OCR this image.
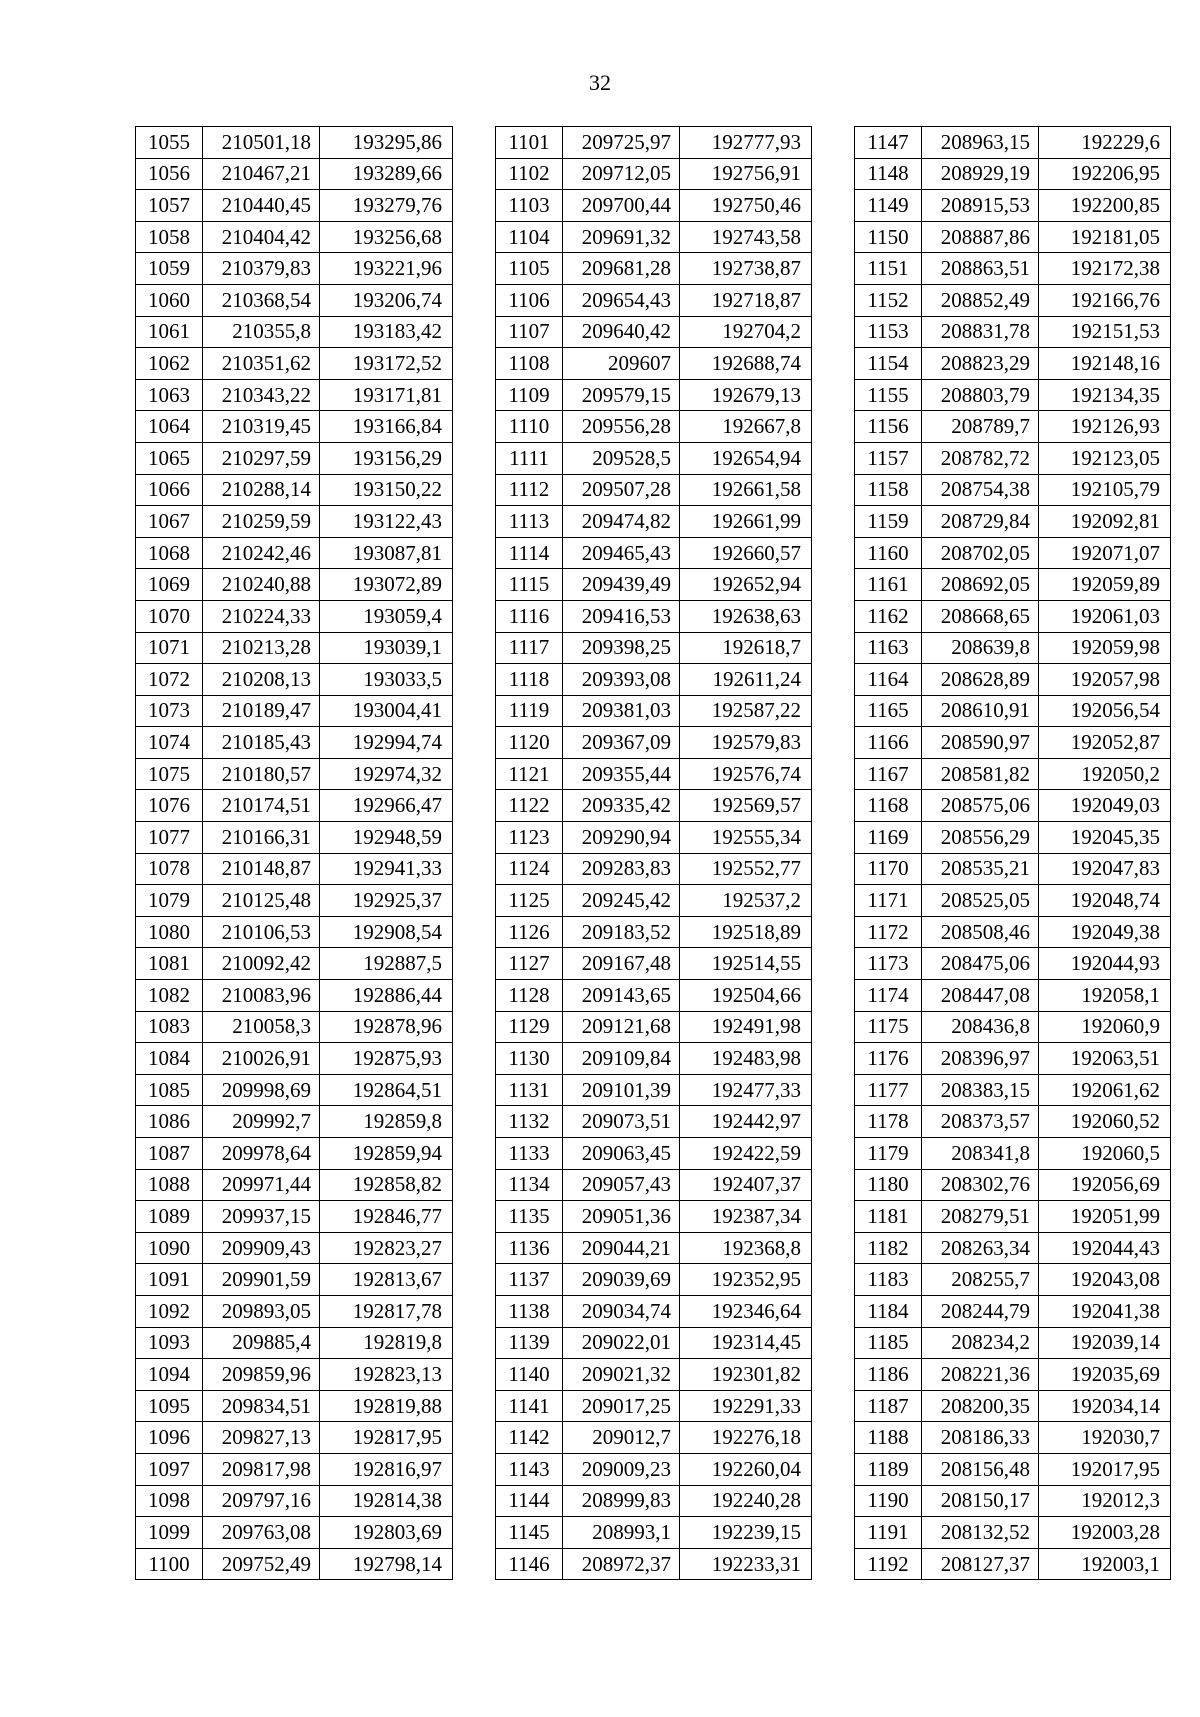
32
1055	210501,18	193295,86
1056	210467,21	193289,66
1057	210440,45	193279,76
1058	210404,42	193256,68
1059	210379,83	193221,96
1060	210368,54	193206,74
1061	210355,8	193183,42
1062	210351,62	193172,52
1063	210343,22	193171,81
1064	210319,45	193166,84
1065	210297,59	193156,29
1066	210288,14	193150,22
1067	210259,59	193122,43
1068	210242,46	193087,81
1069	210240,88	193072,89
1070	210224,33	193059,4
1071	210213,28	193039,1
1072	210208,13	193033,5
1073	210189,47	193004,41
1074	210185,43	192994,74
1075	210180,57	192974,32
1076	210174,51	192966,47
1077	210166,31	192948,59
1078	210148,87	192941,33
1079	210125,48	192925,37
1080	210106,53	192908,54
1081	210092,42	192887,5
1082	210083,96	192886,44
1083	210058,3	192878,96
1084	210026,91	192875,93
1085	209998,69	192864,51
1086	209992,7	192859,8
1087	209978,64	192859,94
1088	209971,44	192858,82
1089	209937,15	192846,77
1090	209909,43	192823,27
1091	209901,59	192813,67
1092	209893,05	192817,78
1093	209885,4	192819,8
1094	209859,96	192823,13
1095	209834,51	192819,88
1096	209827,13	192817,95
1097	209817,98	192816,97
1098	209797,16	192814,38
1099	209763,08	192803,69
1100	209752,49	192798,14
1101	209725,97	192777,93
1102	209712,05	192756,91
1103	209700,44	192750,46
1104	209691,32	192743,58
1105	209681,28	192738,87
1106	209654,43	192718,87
1107	209640,42	192704,2
1108	209607	192688,74
1109	209579,15	192679,13
1110	209556,28	192667,8
1111	209528,5	192654,94
1112	209507,28	192661,58
1113	209474,82	192661,99
1114	209465,43	192660,57
1115	209439,49	192652,94
1116	209416,53	192638,63
1117	209398,25	192618,7
1118	209393,08	192611,24
1119	209381,03	192587,22
1120	209367,09	192579,83
1121	209355,44	192576,74
1122	209335,42	192569,57
1123	209290,94	192555,34
1124	209283,83	192552,77
1125	209245,42	192537,2
1126	209183,52	192518,89
1127	209167,48	192514,55
1128	209143,65	192504,66
1129	209121,68	192491,98
1130	209109,84	192483,98
1131	209101,39	192477,33
1132	209073,51	192442,97
1133	209063,45	192422,59
1134	209057,43	192407,37
1135	209051,36	192387,34
1136	209044,21	192368,8
1137	209039,69	192352,95
1138	209034,74	192346,64
1139	209022,01	192314,45
1140	209021,32	192301,82
1141	209017,25	192291,33
1142	209012,7	192276,18
1143	209009,23	192260,04
1144	208999,83	192240,28
1145	208993,1	192239,15
1146	208972,37	192233,31
1147	208963,15	192229,6
1148	208929,19	192206,95
1149	208915,53	192200,85
1150	208887,86	192181,05
1151	208863,51	192172,38
1152	208852,49	192166,76
1153	208831,78	192151,53
1154	208823,29	192148,16
1155	208803,79	192134,35
1156	208789,7	192126,93
1157	208782,72	192123,05
1158	208754,38	192105,79
1159	208729,84	192092,81
1160	208702,05	192071,07
1161	208692,05	192059,89
1162	208668,65	192061,03
1163	208639,8	192059,98
1164	208628,89	192057,98
1165	208610,91	192056,54
1166	208590,97	192052,87
1167	208581,82	192050,2
1168	208575,06	192049,03
1169	208556,29	192045,35
1170	208535,21	192047,83
1171	208525,05	192048,74
1172	208508,46	192049,38
1173	208475,06	192044,93
1174	208447,08	192058,1
1175	208436,8	192060,9
1176	208396,97	192063,51
1177	208383,15	192061,62
1178	208373,57	192060,52
1179	208341,8	192060,5
1180	208302,76	192056,69
1181	208279,51	192051,99
1182	208263,34	192044,43
1183	208255,7	192043,08
1184	208244,79	192041,38
1185	208234,2	192039,14
1186	208221,36	192035,69
1187	208200,35	192034,14
1188	208186,33	192030,7
1189	208156,48	192017,95
1190	208150,17	192012,3
1191	208132,52	192003,28
1192	208127,37	192003,1
